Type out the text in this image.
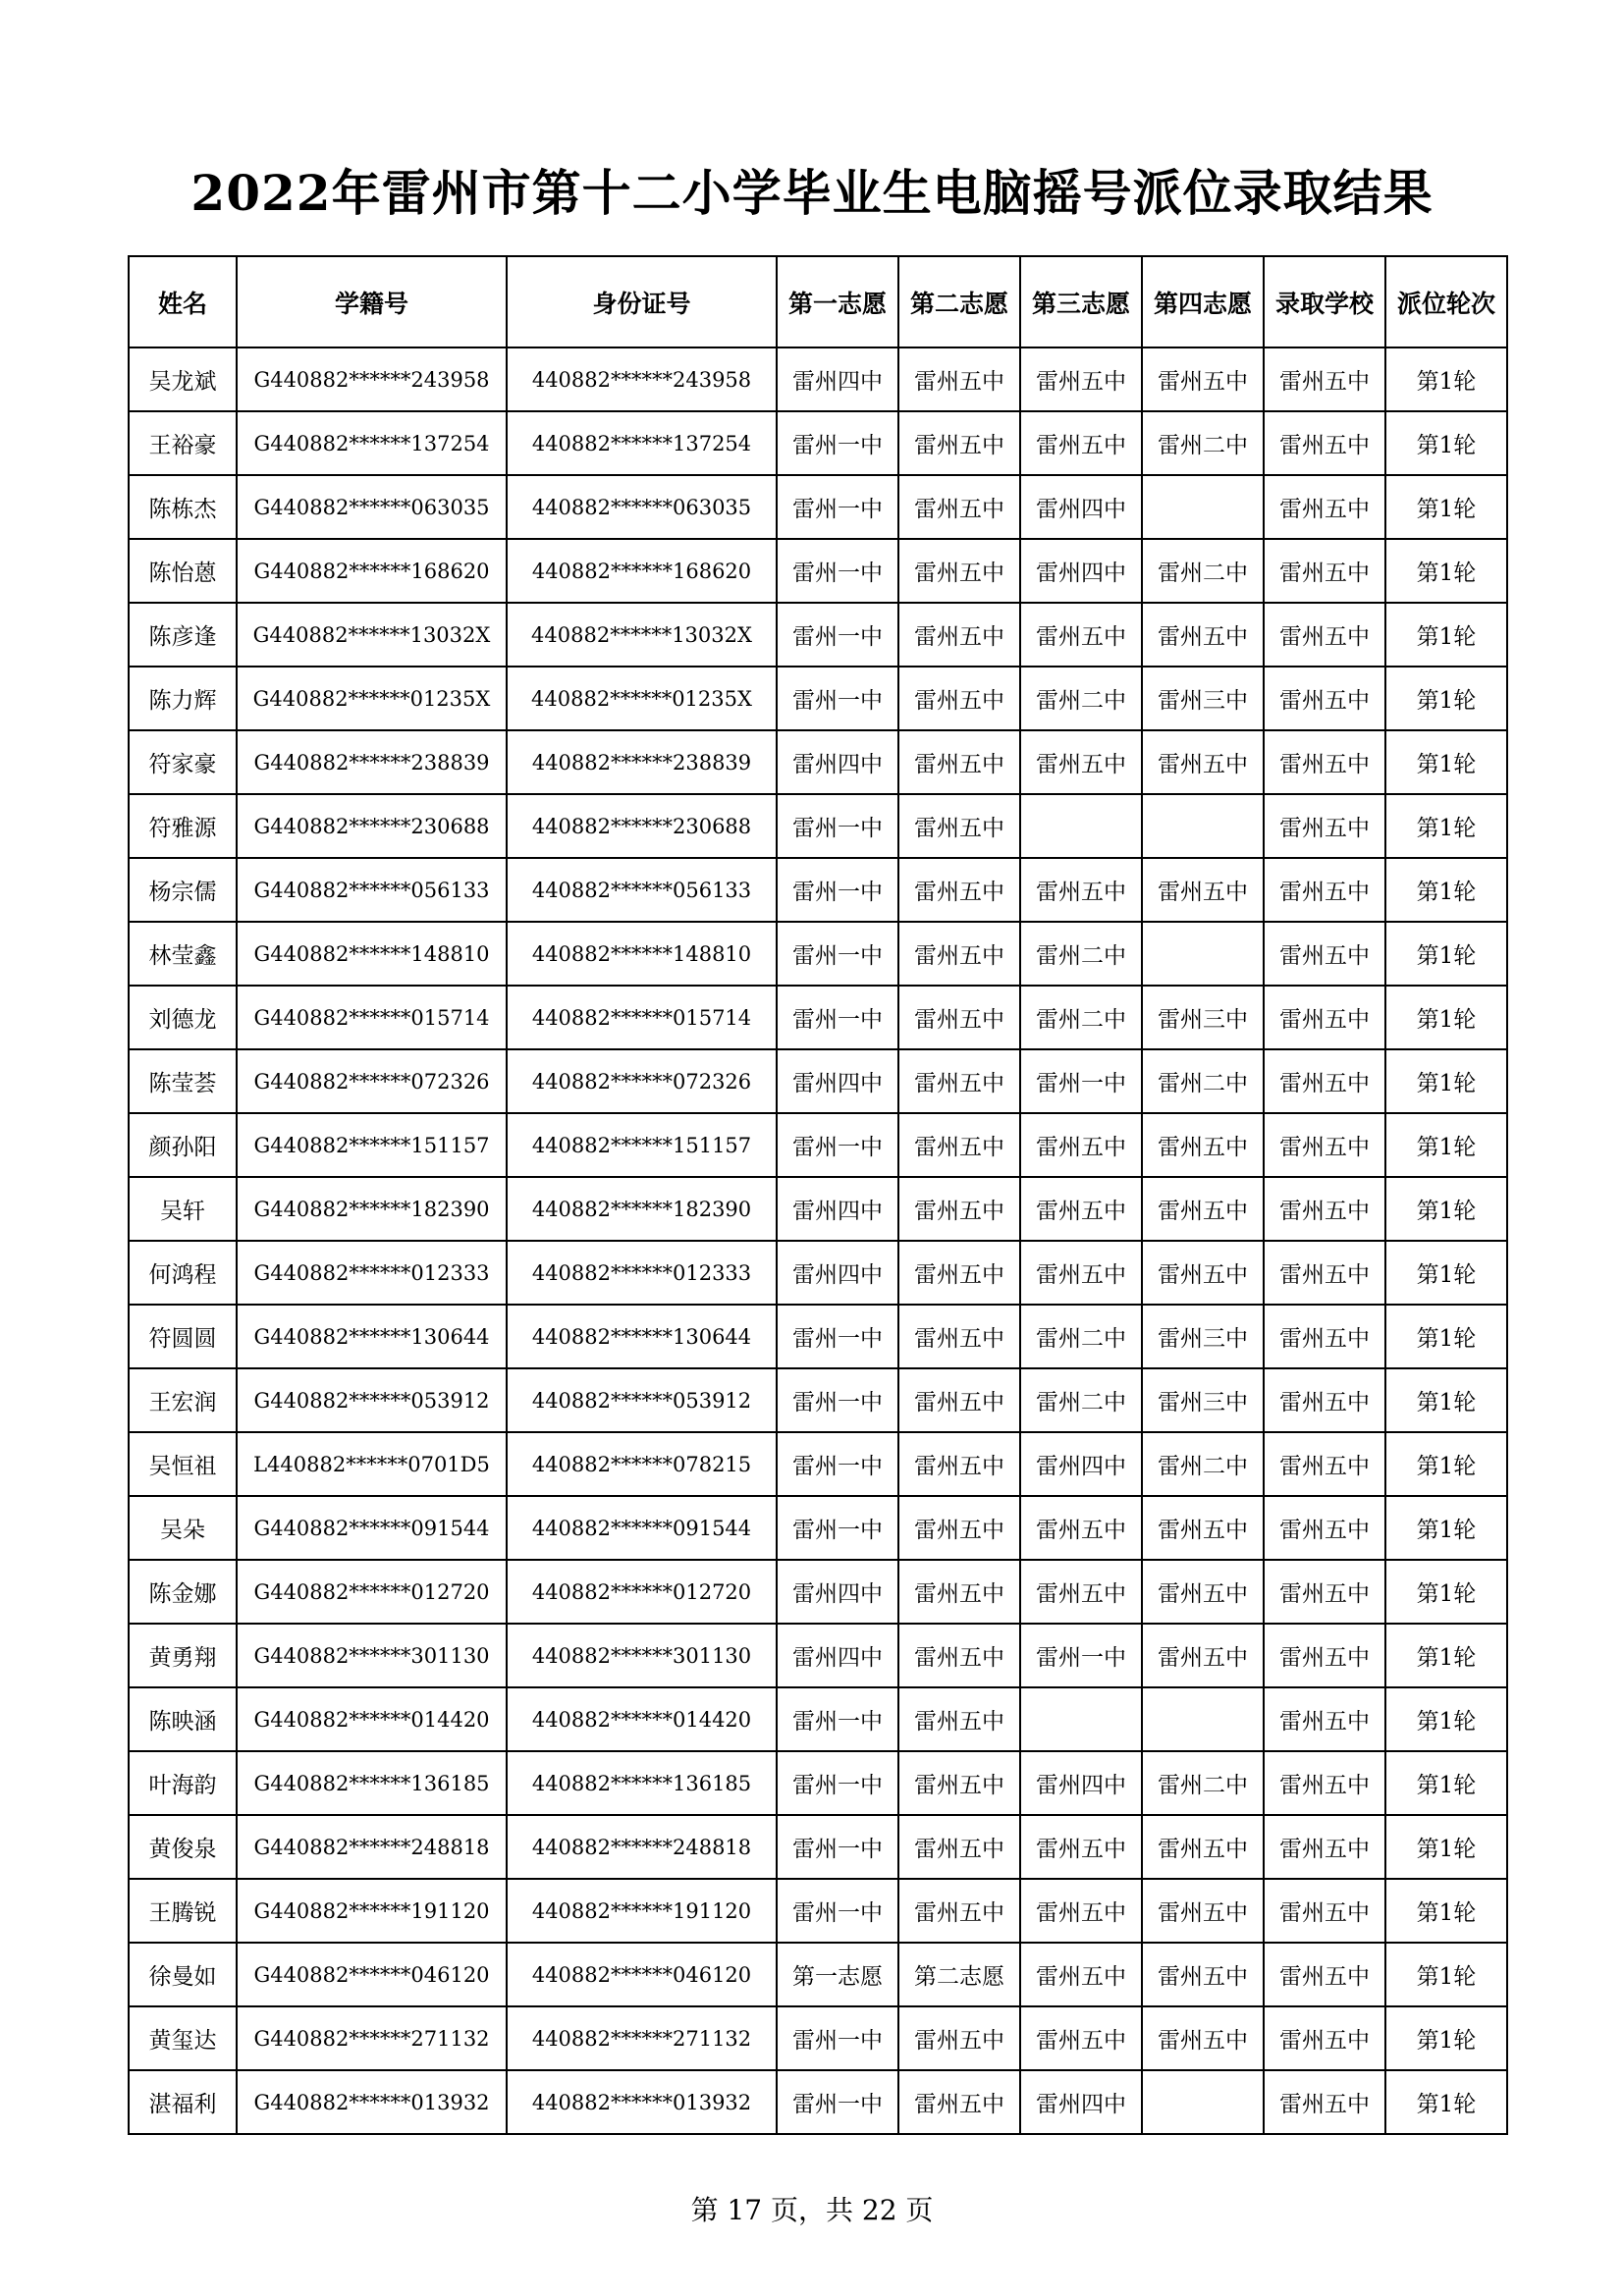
2022年雷州市第十二小学毕业生电脑摇号派位录取结果
姓名	学籍号	身份证号	第一志愿	第二志愿	第三志愿	第四志愿	录取学校	派位轮次
吴龙斌	G440882******243958	440882******243958	雷州四中	雷州五中	雷州五中	雷州五中	雷州五中	第1轮
王裕豪	G440882******137254	440882******137254	雷州一中	雷州五中	雷州五中	雷州二中	雷州五中	第1轮
陈栋杰	G440882******063035	440882******063035	雷州一中	雷州五中	雷州四中		雷州五中	第1轮
陈怡蒽	G440882******168620	440882******168620	雷州一中	雷州五中	雷州四中	雷州二中	雷州五中	第1轮
陈彦逢	G440882******13032X	440882******13032X	雷州一中	雷州五中	雷州五中	雷州五中	雷州五中	第1轮
陈力辉	G440882******01235X	440882******01235X	雷州一中	雷州五中	雷州二中	雷州三中	雷州五中	第1轮
符家豪	G440882******238839	440882******238839	雷州四中	雷州五中	雷州五中	雷州五中	雷州五中	第1轮
符雅源	G440882******230688	440882******230688	雷州一中	雷州五中			雷州五中	第1轮
杨宗儒	G440882******056133	440882******056133	雷州一中	雷州五中	雷州五中	雷州五中	雷州五中	第1轮
林莹鑫	G440882******148810	440882******148810	雷州一中	雷州五中	雷州二中		雷州五中	第1轮
刘德龙	G440882******015714	440882******015714	雷州一中	雷州五中	雷州二中	雷州三中	雷州五中	第1轮
陈莹荟	G440882******072326	440882******072326	雷州四中	雷州五中	雷州一中	雷州二中	雷州五中	第1轮
颜孙阳	G440882******151157	440882******151157	雷州一中	雷州五中	雷州五中	雷州五中	雷州五中	第1轮
吴轩	G440882******182390	440882******182390	雷州四中	雷州五中	雷州五中	雷州五中	雷州五中	第1轮
何鸿程	G440882******012333	440882******012333	雷州四中	雷州五中	雷州五中	雷州五中	雷州五中	第1轮
符圆圆	G440882******130644	440882******130644	雷州一中	雷州五中	雷州二中	雷州三中	雷州五中	第1轮
王宏润	G440882******053912	440882******053912	雷州一中	雷州五中	雷州二中	雷州三中	雷州五中	第1轮
吴恒祖	L440882******0701D5	440882******078215	雷州一中	雷州五中	雷州四中	雷州二中	雷州五中	第1轮
吴朵	G440882******091544	440882******091544	雷州一中	雷州五中	雷州五中	雷州五中	雷州五中	第1轮
陈金娜	G440882******012720	440882******012720	雷州四中	雷州五中	雷州五中	雷州五中	雷州五中	第1轮
黄勇翔	G440882******301130	440882******301130	雷州四中	雷州五中	雷州一中	雷州五中	雷州五中	第1轮
陈映涵	G440882******014420	440882******014420	雷州一中	雷州五中			雷州五中	第1轮
叶海韵	G440882******136185	440882******136185	雷州一中	雷州五中	雷州四中	雷州二中	雷州五中	第1轮
黄俊泉	G440882******248818	440882******248818	雷州一中	雷州五中	雷州五中	雷州五中	雷州五中	第1轮
王腾锐	G440882******191120	440882******191120	雷州一中	雷州五中	雷州五中	雷州五中	雷州五中	第1轮
徐曼如	G440882******046120	440882******046120	第一志愿	第二志愿	雷州五中	雷州五中	雷州五中	第1轮
黄玺达	G440882******271132	440882******271132	雷州一中	雷州五中	雷州五中	雷州五中	雷州五中	第1轮
湛福利	G440882******013932	440882******013932	雷州一中	雷州五中	雷州四中		雷州五中	第1轮

第 17 页，共 22 页
